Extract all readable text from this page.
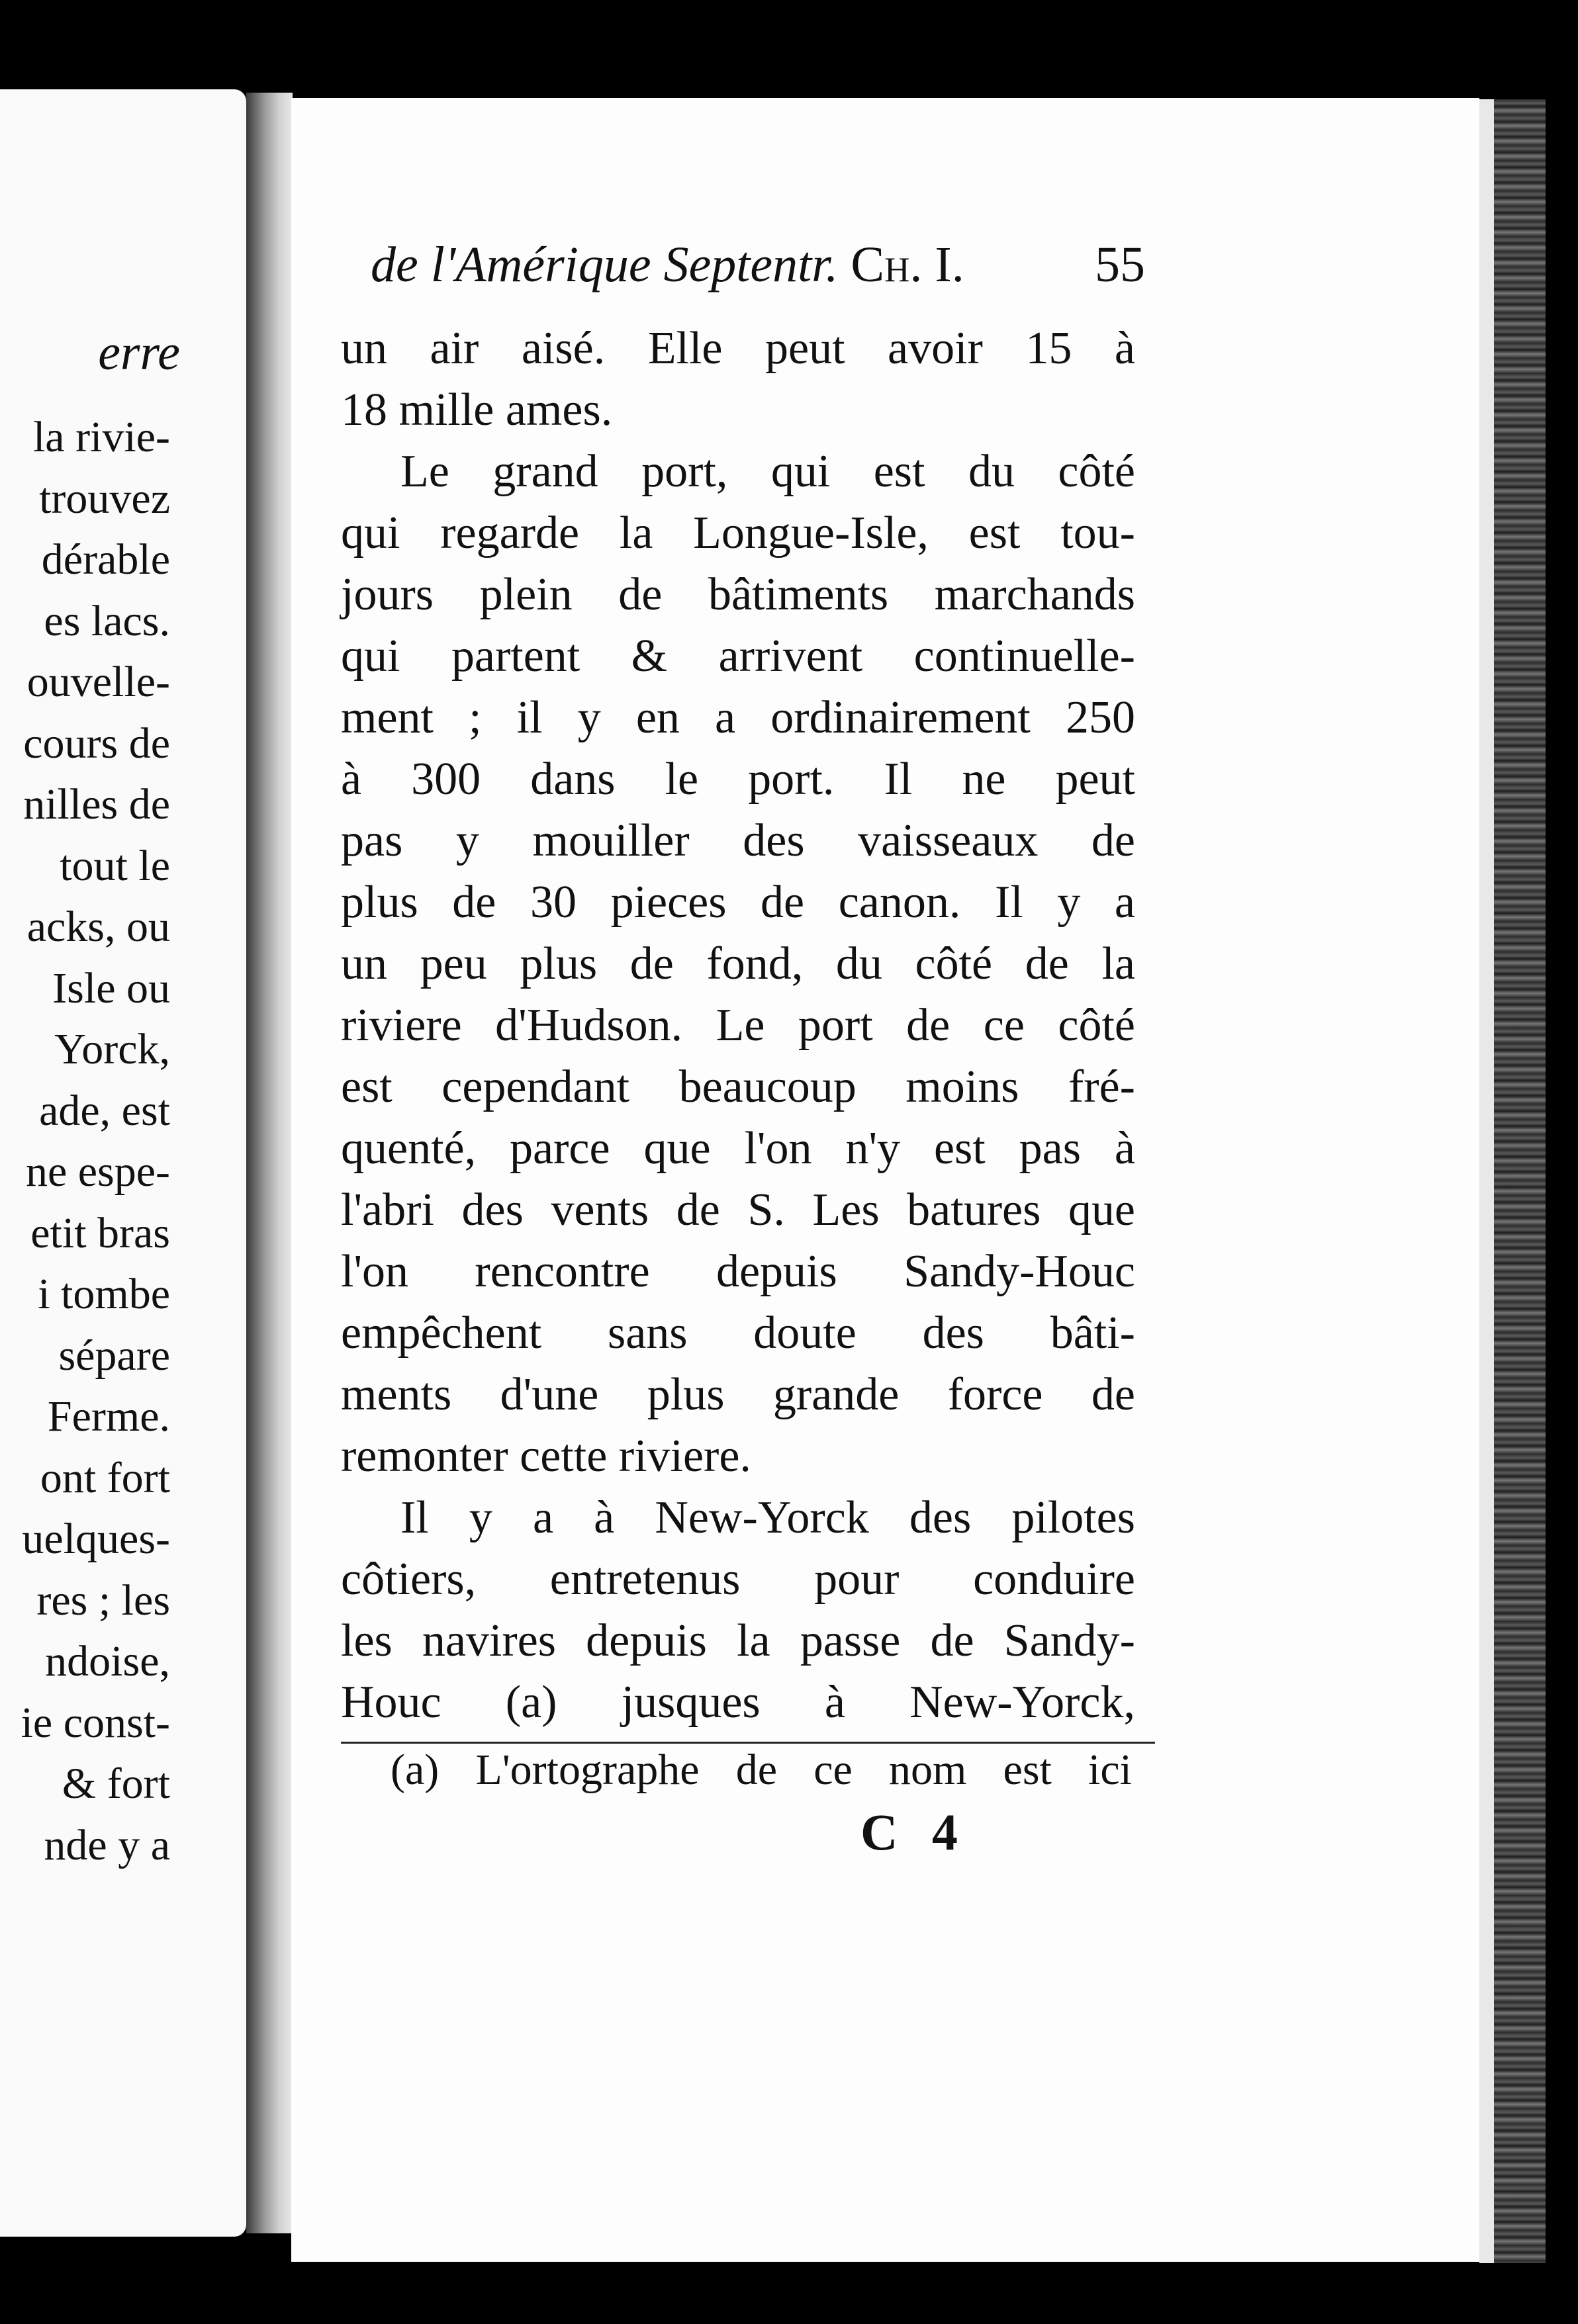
erre
la rivie-
trouvez
dérable
es lacs.
ouvelle-
cours de
nilles de
tout le
acks, ou
Isle ou
Yorck,
ade, est
ne espe-
etit bras
i tombe
sépare
Ferme.
ont fort
uelques-
res ; les
ndoise,
ie const-
& fort
nde y a
de l'Amérique Septentr. Ch. I.	55
un air aisé. Elle peut avoir 15 à
18 mille ames.
Le grand port, qui est du côté
qui regarde la Longue-Isle, est tou-
jours plein de bâtiments marchands
qui partent & arrivent continuelle-
ment ; il y en a ordinairement 250
à 300 dans le port. Il ne peut
pas y mouiller des vaisseaux de
plus de 30 pieces de canon. Il y a
un peu plus de fond, du côté de la
riviere d'Hudson. Le port de ce côté
est cependant beaucoup moins fré-
quenté, parce que l'on n'y est pas à
l'abri des vents de S. Les batures que
l'on rencontre depuis Sandy-Houc
empêchent sans doute des bâti-
ments d'une plus grande force de
remonter cette riviere.
Il y a à New-Yorck des pilotes
côtiers, entretenus pour conduire
les navires depuis la passe de Sandy-
Houc (a) jusques à New-Yorck,
(a) L'ortographe de ce nom est ici
C 4
